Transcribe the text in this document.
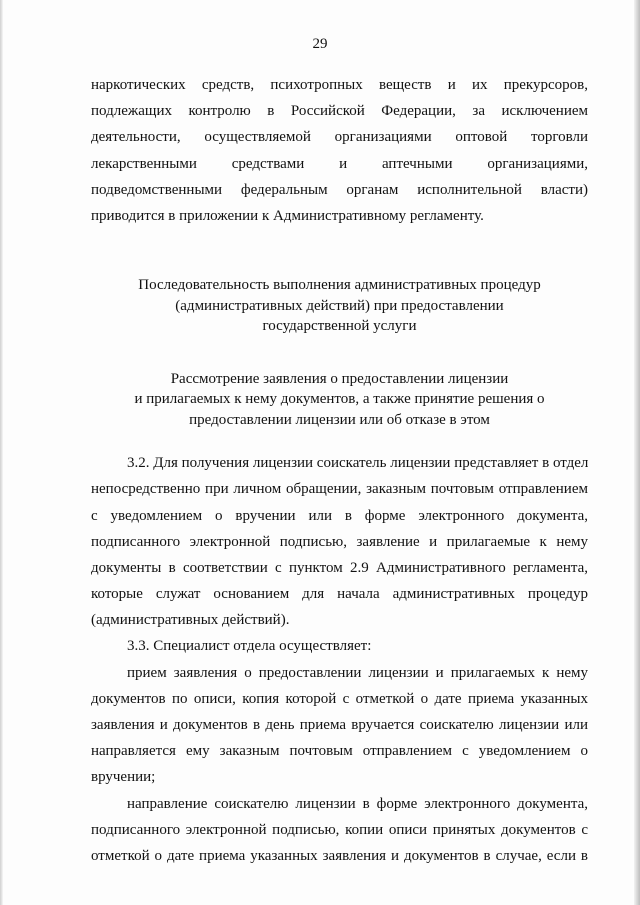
29
наркотических средств, психотропных веществ и их прекурсоров,
подлежащих контролю в Российской Федерации, за исключением
деятельности, осуществляемой организациями оптовой торговли
лекарственными средствами и аптечными организациями,
подведомственными федеральным органам исполнительной власти)
приводится в приложении к Административному регламенту.
Последовательность выполнения административных процедур
(административных действий) при предоставлении
государственной услуги
Рассмотрение заявления о предоставлении лицензии
и прилагаемых к нему документов, а также принятие решения о
предоставлении лицензии или об отказе в этом
3.2. Для получения лицензии соискатель лицензии представляет в отдел
непосредственно при личном обращении, заказным почтовым отправлением
с уведомлением о вручении или в форме электронного документа,
подписанного электронной подписью, заявление и прилагаемые к нему
документы в соответствии с пунктом 2.9 Административного регламента,
которые служат основанием для начала административных процедур
(административных действий).
3.3. Специалист отдела осуществляет:
прием заявления о предоставлении лицензии и прилагаемых к нему
документов по описи, копия которой с отметкой о дате приема указанных
заявления и документов в день приема вручается соискателю лицензии или
направляется ему заказным почтовым отправлением с уведомлением о
вручении;
направление соискателю лицензии в форме электронного документа,
подписанного электронной подписью, копии описи принятых документов с
отметкой о дате приема указанных заявления и документов в случае, если в
